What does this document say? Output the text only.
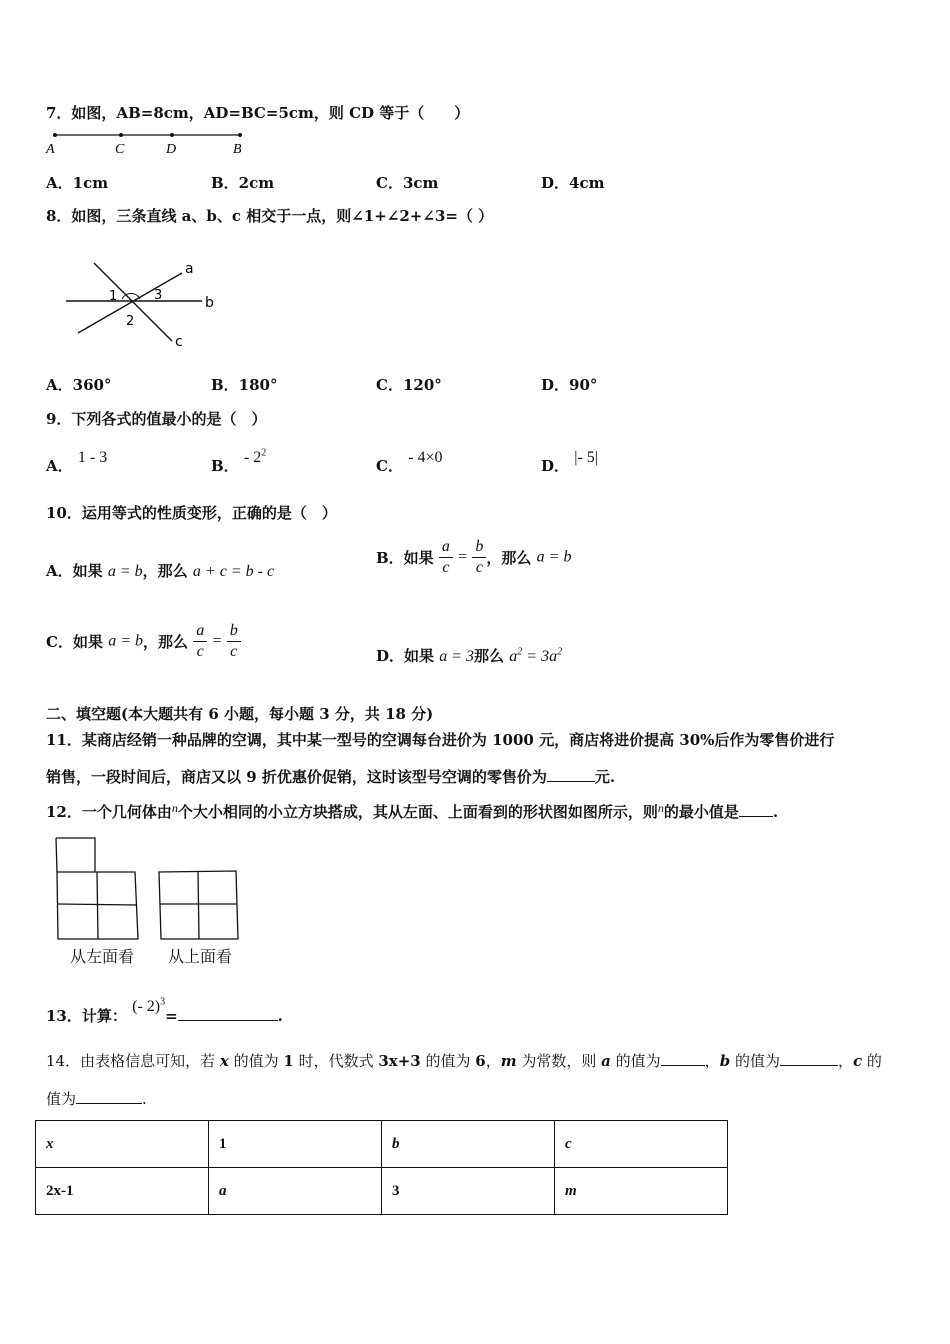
7．如图，AB=8cm，AD=BC=5cm，则 CD 等于（　　）
A	C	D	B
A．1cm	B．2cm	C．3cm	D．4cm
8．如图，三条直线 a、b、c 相交于一点，则∠1+∠2+∠3=（ ）
a
b
c
1
2
3
A．360°	B．180°	C．120°	D．90°
9．下列各式的值最小的是（　）
A． 1 - 3	B． - $2^2$
C． - 4×0	D． |- 5|
10．运用等式的性质变形，正确的是（　）
A．如果 a = b，那么 a + c = b - c
B．如果 $\frac{a}{c} = \frac{b}{c}$ ，那么 a = b
C．如果 a = b，那么 $\frac{a}{c} = \frac{b}{c}$	D．如果 a = 3那么 $a^2 = 3a^2$
二、填空题(本大题共有 6 小题，每小题 3 分，共 18 分)
11．某商店经销一种品牌的空调，其中某一型号的空调每台进价为 1000 元，商店将进价提高 30%后作为零售价进行
销售，一段时间后，商店又以 9 折优惠价促销，这时该型号空调的零售价为	元.
12．一个几何体由$^n$个大小相同的小立方块搭成，其从左面、上面看到的形状图如图所示，则$^n$的最小值是 .
从左面看 从上面看
13．计算： (- 2)$^3$=	.
14．由表格信息可知，若 x 的值为 1 时，代数式 3x+3 的值为 6，m 为常数，则 a 的值为	，b 的值为	，c 的
值为	.
x	1	b	c
2x-1	a	3	m
